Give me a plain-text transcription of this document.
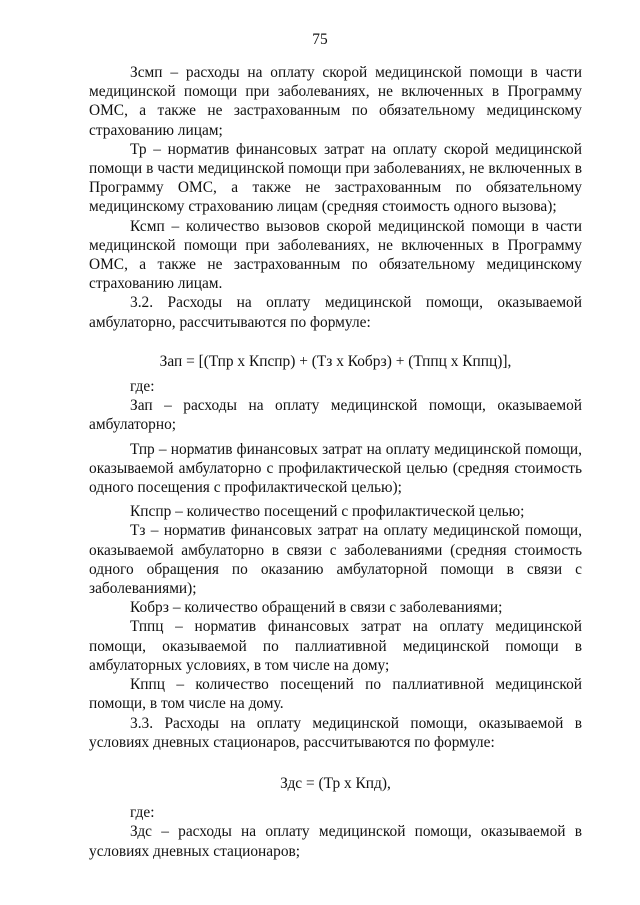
75

Зсмп – расходы на оплату скорой медицинской помощи в части медицинской помощи при заболеваниях, не включенных в Программу ОМС, а также не застрахованным по обязательному медицинскому страхованию лицам;

Тр – норматив финансовых затрат на оплату скорой медицинской помощи в части медицинской помощи при заболеваниях, не включенных в Программу ОМС, а также не застрахованным по обязательному медицинскому страхованию лицам (средняя стоимость одного вызова);

Ксмп – количество вызовов скорой медицинской помощи в части медицинской помощи при заболеваниях, не включенных в Программу ОМС, а также не застрахованным по обязательному медицинскому страхованию лицам.

3.2. Расходы на оплату медицинской помощи, оказываемой амбулаторно, рассчитываются по формуле:

Зап = [(Тпр х Кпспр) + (Тз х Кобрз) + (Тппц х Кппц)],

где:

Зап – расходы на оплату медицинской помощи, оказываемой амбулаторно;

Тпр – норматив финансовых затрат на оплату медицинской помощи, оказываемой амбулаторно с профилактической целью (средняя стоимость одного посещения с профилактической целью);

Кпспр – количество посещений с профилактической целью;

Тз – норматив финансовых затрат на оплату медицинской помощи, оказываемой амбулаторно в связи с заболеваниями (средняя стоимость одного обращения по оказанию амбулаторной помощи в связи с заболеваниями);

Кобрз – количество обращений в связи с заболеваниями;

Тппц – норматив финансовых затрат на оплату медицинской помощи, оказываемой по паллиативной медицинской помощи в амбулаторных условиях, в том числе на дому;

Кппц – количество посещений по паллиативной медицинской помощи, в том числе на дому.

3.3. Расходы на оплату медицинской помощи, оказываемой в условиях дневных стационаров, рассчитываются по формуле:

Здс = (Тр х Кпд),

где:

Здс – расходы на оплату медицинской помощи, оказываемой в условиях дневных стационаров;
